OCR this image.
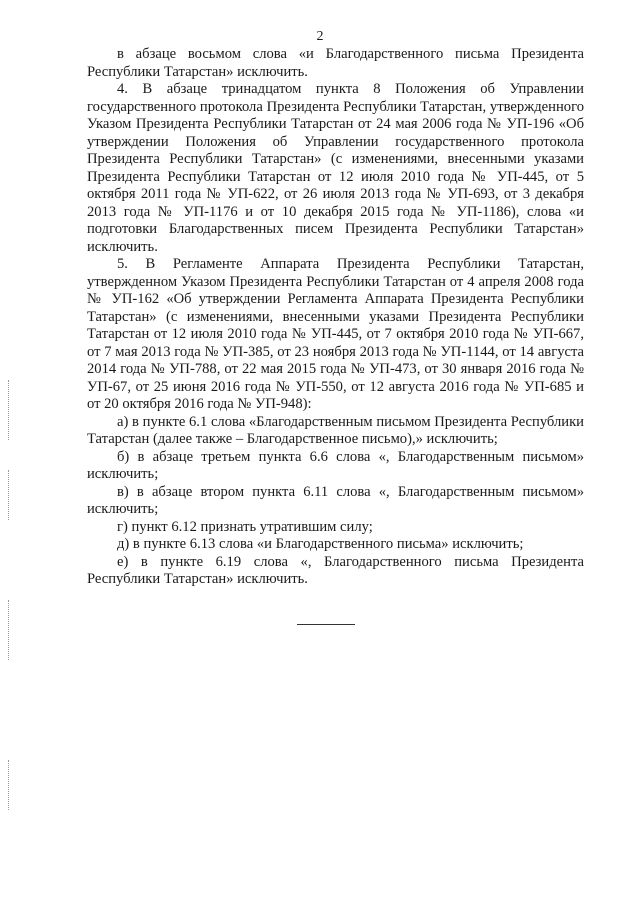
2

в абзаце восьмом слова «и Благодарственного письма Президента Республики Татарстан» исключить.

4. В абзаце тринадцатом пункта 8 Положения об Управлении государственного протокола Президента Республики Татарстан, утвержденного Указом Президента Республики Татарстан от 24 мая 2006 года № УП-196 «Об утверждении Положения об Управлении государственного протокола Президента Республики Татарстан» (с изменениями, внесенными указами Президента Республики Татарстан от 12 июля 2010 года № УП-445, от 5 октября 2011 года № УП-622, от 26 июля 2013 года № УП-693, от 3 декабря 2013 года № УП-1176 и от 10 декабря 2015 года № УП-1186), слова «и подготовки Благодарственных писем Президента Республики Татарстан» исключить.

5. В Регламенте Аппарата Президента Республики Татарстан, утвержденном Указом Президента Республики Татарстан от 4 апреля 2008 года № УП-162 «Об утверждении Регламента Аппарата Президента Республики Татарстан» (с изменениями, внесенными указами Президента Республики Татарстан от 12 июля 2010 года № УП-445, от 7 октября 2010 года № УП-667, от 7 мая 2013 года № УП-385, от 23 ноября 2013 года № УП-1144, от 14 августа 2014 года № УП-788, от 22 мая 2015 года № УП-473, от 30 января 2016 года № УП-67, от 25 июня 2016 года № УП-550, от 12 августа 2016 года № УП-685 и от 20 октября 2016 года № УП-948):

а) в пункте 6.1 слова «Благодарственным письмом Президента Республики Татарстан (далее также – Благодарственное письмо),» исключить;

б) в абзаце третьем пункта 6.6 слова «, Благодарственным письмом» исключить;

в) в абзаце втором пункта 6.11 слова «, Благодарственным письмом» исключить;

г) пункт 6.12 признать утратившим силу;

д) в пункте 6.13 слова «и Благодарственного письма» исключить;

е) в пункте 6.19 слова «, Благодарственного письма Президента Республики Татарстан» исключить.
